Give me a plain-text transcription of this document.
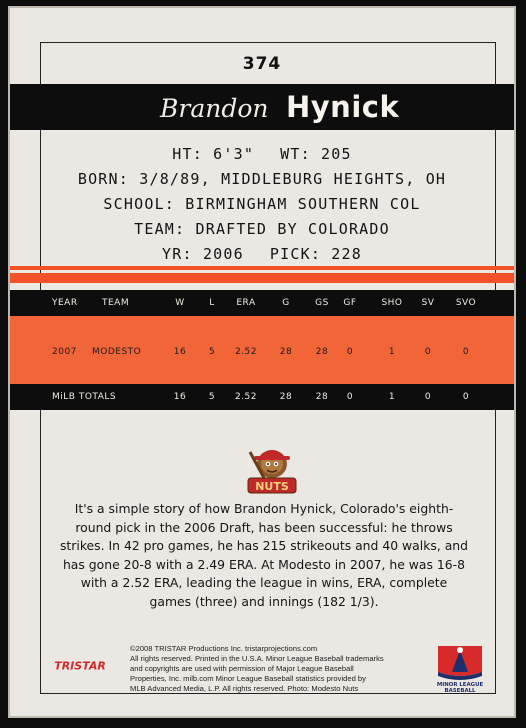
374
Brandon Hynick
HT: 6'3" WT: 205
BORN: 3/8/89, MIDDLEBURG HEIGHTS, OH
SCHOOL: BIRMINGHAM SOUTHERN COL
TEAM: DRAFTED BY COLORADO
YR: 2006 PICK: 228
YEAR	TEAM	W	L	ERA	G	GS	GF	SHO	SV	SVO
2007 MODESTO	16	5	2.52	28	28	0	1	0	0
MiLB TOTALS	16	5	2.52	28	28	0	1	0	0
NUTS
It's a simple story of how Brandon Hynick, Colorado's eighth-round pick in the 2006 Draft, has been successful: he throws strikes. In 42 pro games, he has 215 strikeouts and 40 walks, and has gone 20-8 with a 2.49 ERA. At Modesto in 2007, he was 16-8 with a 2.52 ERA, leading the league in wins, ERA, complete games (three) and innings (182 1/3).
TRISTAR
©2008 TRISTAR Productions Inc. tristarprojections.com
All rights reserved. Printed in the U.S.A. Minor League Baseball trademarks
and copyrights are used with permission of Major League Baseball
Properties, Inc. milb.com Minor League Baseball statistics provided by
MLB Advanced Media, L.P. All rights reserved. Photo: Modesto Nuts	MINOR LEAGUE
BASEBALL
